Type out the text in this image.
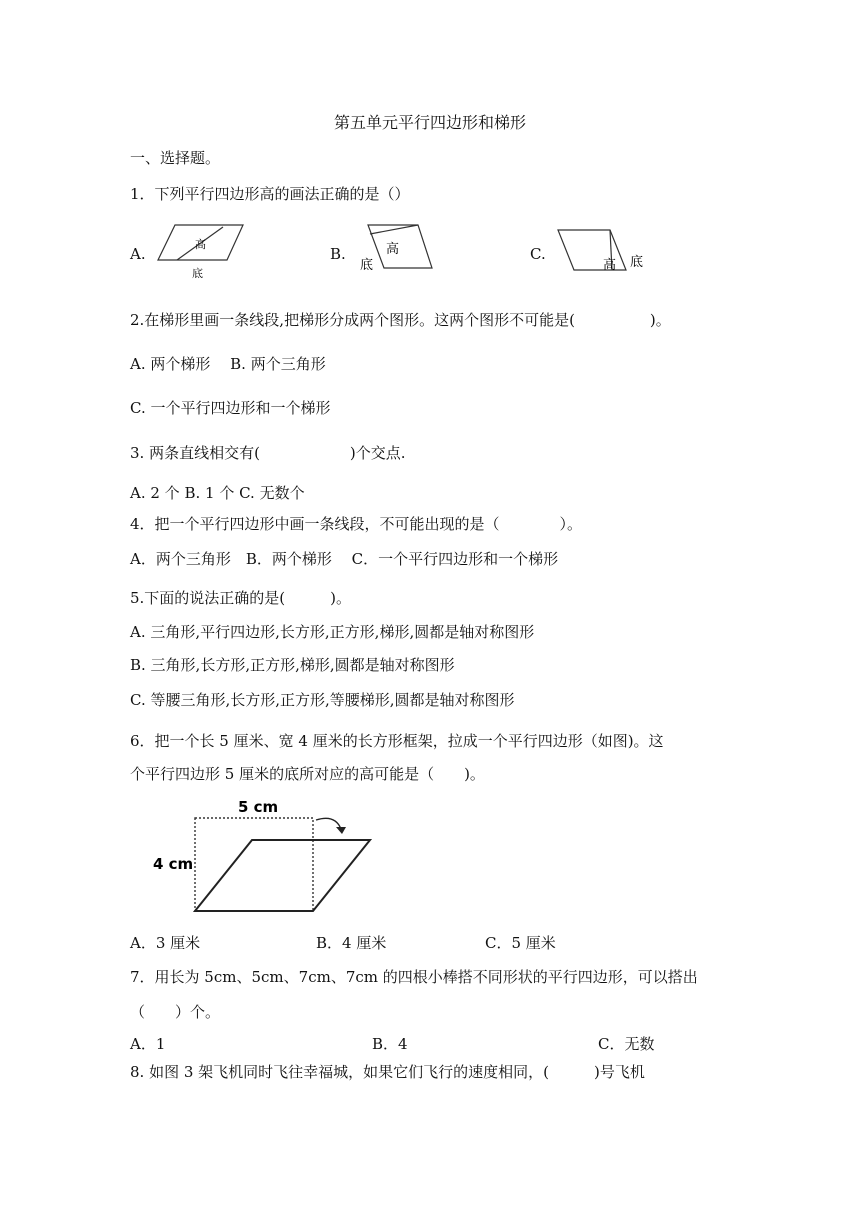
第五单元平行四边形和梯形
一、选择题。
1．下列平行四边形高的画法正确的是（）
A.
高
底
B.	高
底
C.
高 底
2.在梯形里画一条线段,把梯形分成两个图形。这两个图形不可能是(　　　　　)。
A. 两个梯形　 B. 两个三角形
C. 一个平行四边形和一个梯形
3. 两条直线相交有(　　　　　　)个交点.
A. 2 个 B. 1 个 C. 无数个
4．把一个平行四边形中画一条线段，不可能出现的是（　　　　）。
A．两个三角形　B．两个梯形　 C．一个平行四边形和一个梯形
5.下面的说法正确的是(　　　)。
A. 三角形,平行四边形,长方形,正方形,梯形,圆都是轴对称图形
B. 三角形,长方形,正方形,梯形,圆都是轴对称图形
C. 等腰三角形,长方形,正方形,等腰梯形,圆都是轴对称图形
6．把一个长 5 厘米、宽 4 厘米的长方形框架，拉成一个平行四边形（如图)。这
个平行四边形 5 厘米的底所对应的高可能是（　　)。
5 cm
4 cm
A．3 厘米	B．4 厘米	C．5 厘米
7．用长为 5cm、5cm、7cm、7cm 的四根小棒搭不同形状的平行四边形，可以搭出
（　　）个。
A．1	B．4	C．无数
8. 如图 3 架飞机同时飞往幸福城，如果它们飞行的速度相同，(　　　)号飞机
